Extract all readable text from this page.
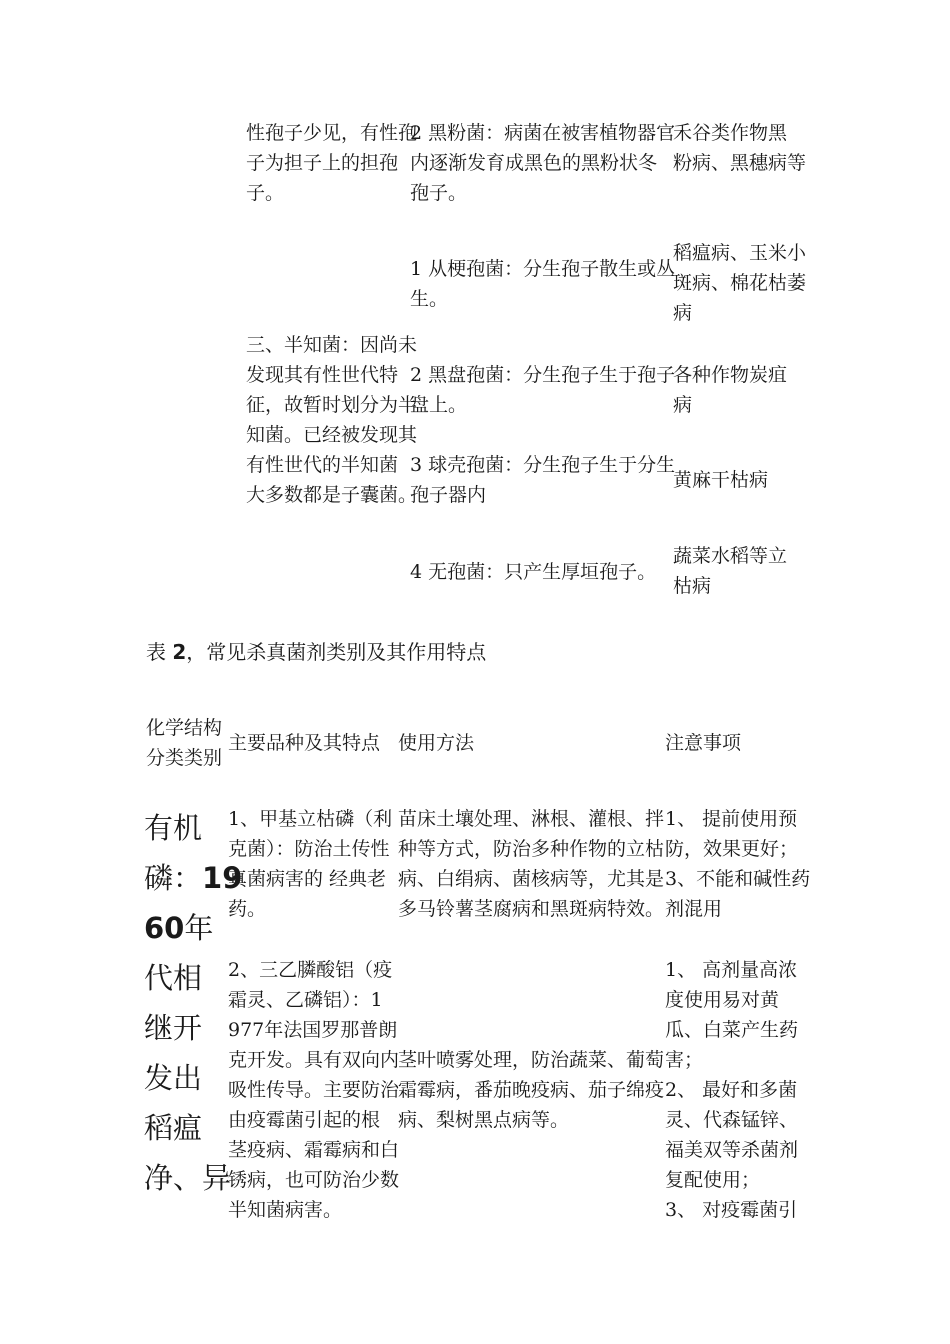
性孢子少见，有性孢
子为担子上的担孢
子。
三、半知菌：因尚未
发现其有性世代特
征，故暂时划分为半
知菌。已经被发现其
有性世代的半知菌
大多数都是子囊菌。
2 黑粉菌：病菌在被害植物器官
内逐渐发育成黑色的黑粉状冬
孢子。
1 从梗孢菌：分生孢子散生或丛
生。
2 黑盘孢菌：分生孢子生于孢子
盘上。
3 球壳孢菌：分生孢子生于分生
孢子器内
4 无孢菌：只产生厚垣孢子。
禾谷类作物黑
粉病、黑穗病等
稻瘟病、玉米小
斑病、棉花枯萎
病
各种作物炭疽
病
黄麻干枯病
蔬菜水稻等立
枯病
表 2，常见杀真菌剂类别及其作用特点
化学结构
分类类别
主要品种及其特点 使用方法	注意事项
有机
磷：19
60年
代相
继开
发出
稻瘟
净、异
1、甲基立枯磷（利
克菌）：防治土传性
真菌病害的 经典老
药。
苗床土壤处理、淋根、灌根、拌
种等方式，防治多种作物的立枯
病、白绢病、菌核病等，尤其是
多马铃薯茎腐病和黑斑病特效。
1、 提前使用预
防，效果更好；
3、不能和碱性药
剂混用
2、三乙膦酸铝（疫
霜灵、乙磷铝）：1
977年法国罗那普朗
克开发。具有双向内
吸性传导。主要防治
由疫霉菌引起的根
茎疫病、霜霉病和白
锈病，也可防治少数
半知菌病害。
茎叶喷雾处理，防治蔬菜、葡萄
霜霉病，番茄晚疫病、茄子绵疫
病、梨树黑点病等。
1、 高剂量高浓
度使用易对黄
瓜、白菜产生药
害；
2、 最好和多菌
灵、代森锰锌、
福美双等杀菌剂
复配使用；
3、 对疫霉菌引
